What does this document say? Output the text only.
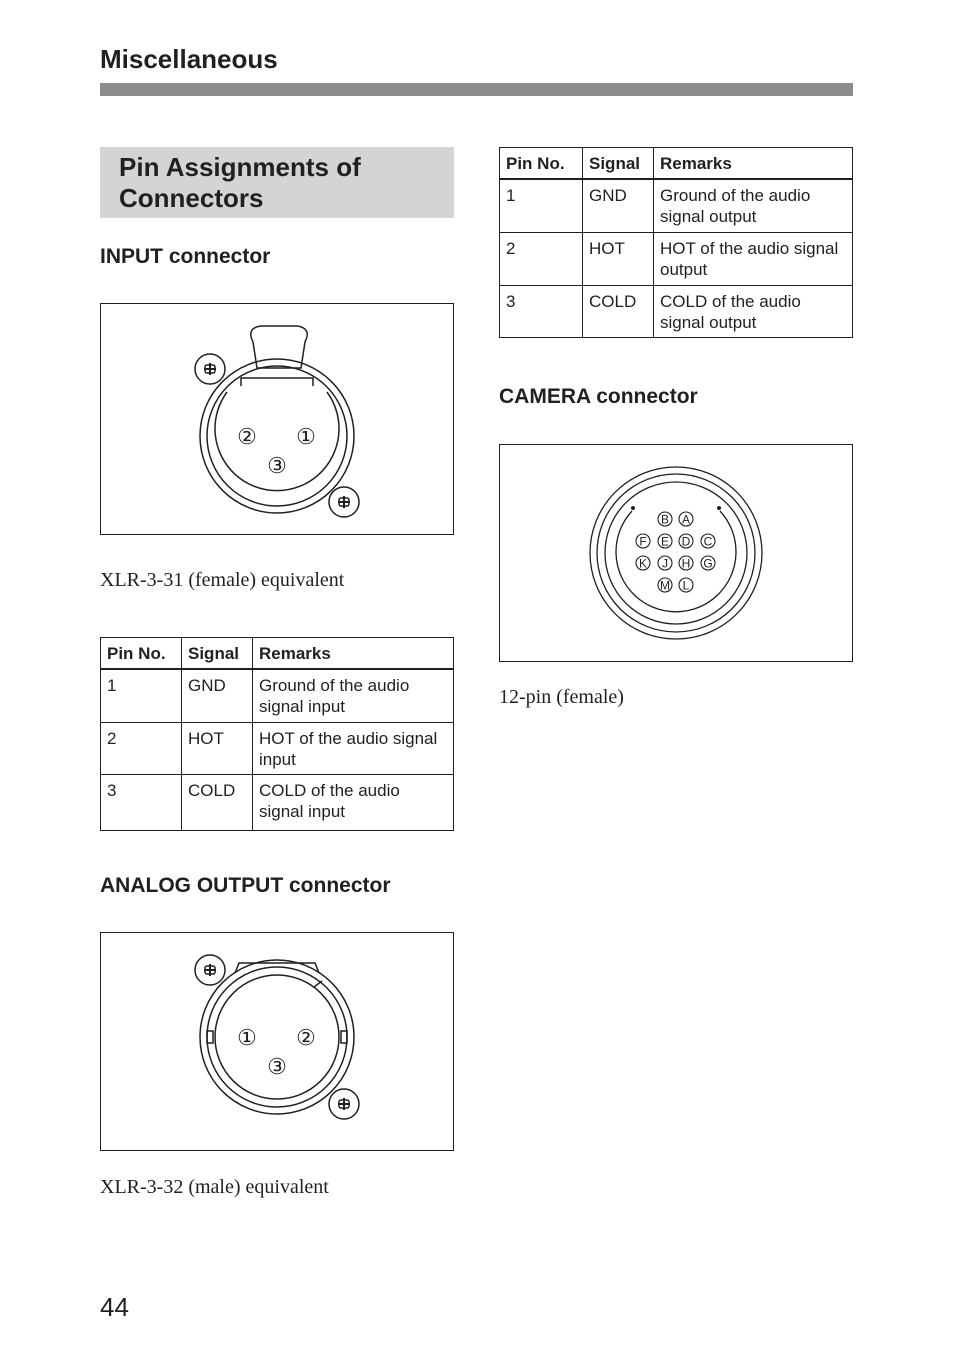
Miscellaneous
Pin Assignments of Connectors
INPUT connector
② ①
③

XLR-3-31 (female) equivalent

Pin No.	Signal	Remarks
1	GND	Ground of the audio signal input
2	HOT	HOT of the audio signal input
3	COLD	COLD of the audio signal input
ANALOG OUTPUT connector
① ②
③

XLR-3-32 (male) equivalent

Pin No.	Signal	Remarks
1	GND	Ground of the audio signal output
2	HOT	HOT of the audio signal output
3	COLD	COLD of the audio signal output
CAMERA connector
B A
F E D C
K J H G
M L

12-pin (female)

44
